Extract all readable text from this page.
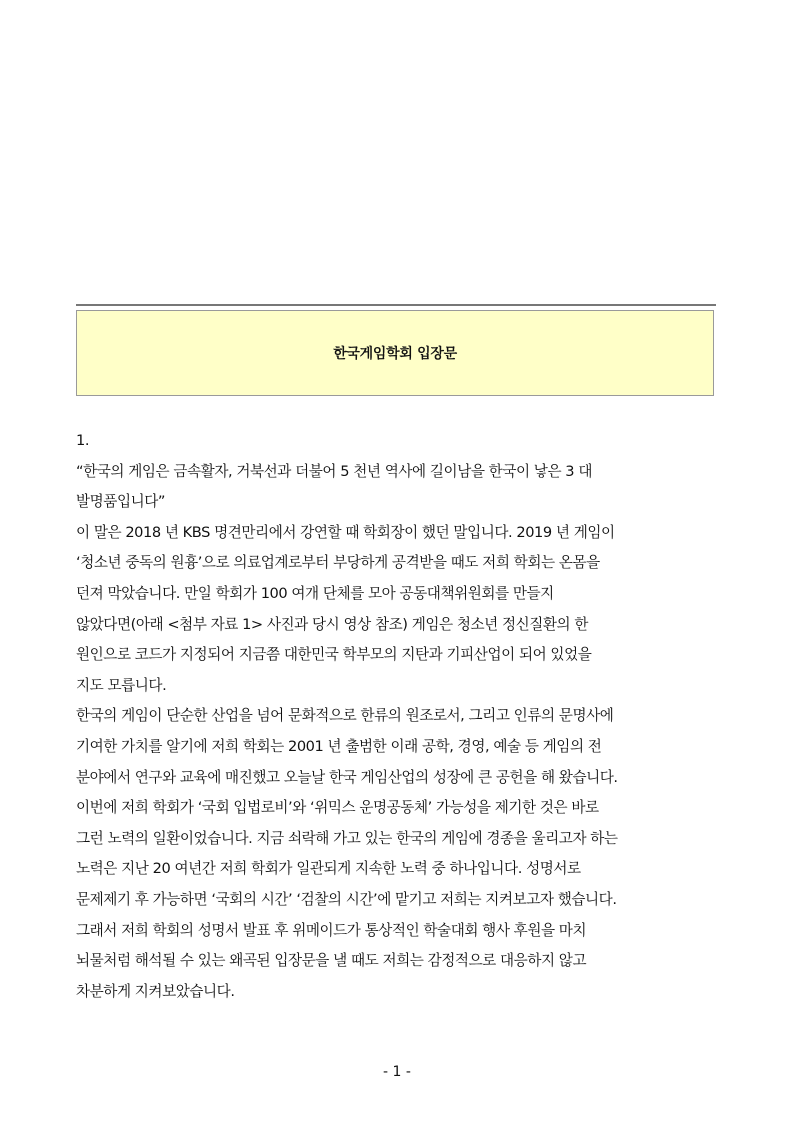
한국게임학회 입장문
1.
“한국의 게임은 금속활자, 거북선과 더불어 5 천년 역사에 길이남을 한국이 낳은 3 대
발명품입니다”
이 말은 2018 년 KBS 명견만리에서 강연할 때 학회장이 했던 말입니다. 2019 년 게임이
‘청소년 중독의 원흉’으로 의료업계로부터 부당하게 공격받을 때도 저희 학회는 온몸을
던져 막았습니다. 만일 학회가 100 여개 단체를 모아 공동대책위원회를 만들지
않았다면(아래 <첨부 자료 1> 사진과 당시 영상 참조) 게임은 청소년 정신질환의 한
원인으로 코드가 지정되어 지금쯤 대한민국 학부모의 지탄과 기피산업이 되어 있었을
지도 모릅니다.
한국의 게임이 단순한 산업을 넘어 문화적으로 한류의 원조로서, 그리고 인류의 문명사에
기여한 가치를 알기에 저희 학회는 2001 년 출범한 이래 공학, 경영, 예술 등 게임의 전
분야에서 연구와 교육에 매진했고 오늘날 한국 게임산업의 성장에 큰 공헌을 해 왔습니다.
이번에 저희 학회가 ‘국회 입법로비’와 ‘위믹스 운명공동체’ 가능성을 제기한 것은 바로
그런 노력의 일환이었습니다. 지금 쇠락해 가고 있는 한국의 게임에 경종을 울리고자 하는
노력은 지난 20 여년간 저희 학회가 일관되게 지속한 노력 중 하나입니다. 성명서로
문제제기 후 가능하면 ‘국회의 시간’ ‘검찰의 시간’에 맡기고 저희는 지켜보고자 했습니다.
그래서 저희 학회의 성명서 발표 후 위메이드가 통상적인 학술대회 행사 후원을 마치
뇌물처럼 해석될 수 있는 왜곡된 입장문을 낼 때도 저희는 감정적으로 대응하지 않고
차분하게 지켜보았습니다.
- 1 -
